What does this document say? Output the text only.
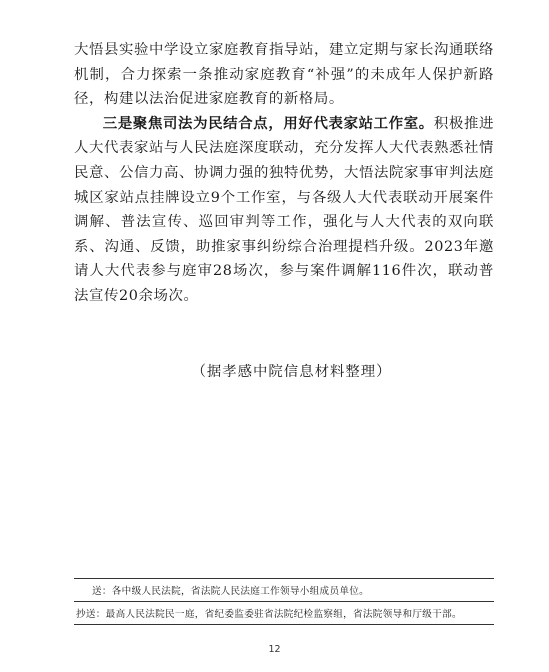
大悟县实验中学设立家庭教育指导站，建立定期与家长沟通联络机制，合力探索一条推动家庭教育“补强”的未成年人保护新路径，构建以法治促进家庭教育的新格局。

三是聚焦司法为民结合点，用好代表家站工作室。积极推进人大代表家站与人民法庭深度联动，充分发挥人大代表熟悉社情民意、公信力高、协调力强的独特优势，大悟法院家事审判法庭城区家站点挂牌设立9个工作室，与各级人大代表联动开展案件调解、普法宣传、巡回审判等工作，强化与人大代表的双向联系、沟通、反馈，助推家事纠纷综合治理提档升级。2023年邀请人大代表参与庭审28场次，参与案件调解116件次，联动普法宣传20余场次。

（据孝感中院信息材料整理）
送：各中级人民法院，省法院人民法庭工作领导小组成员单位。
抄送：最高人民法院民一庭，省纪委监委驻省法院纪检监察组，省法院领导和厅级干部。
12
